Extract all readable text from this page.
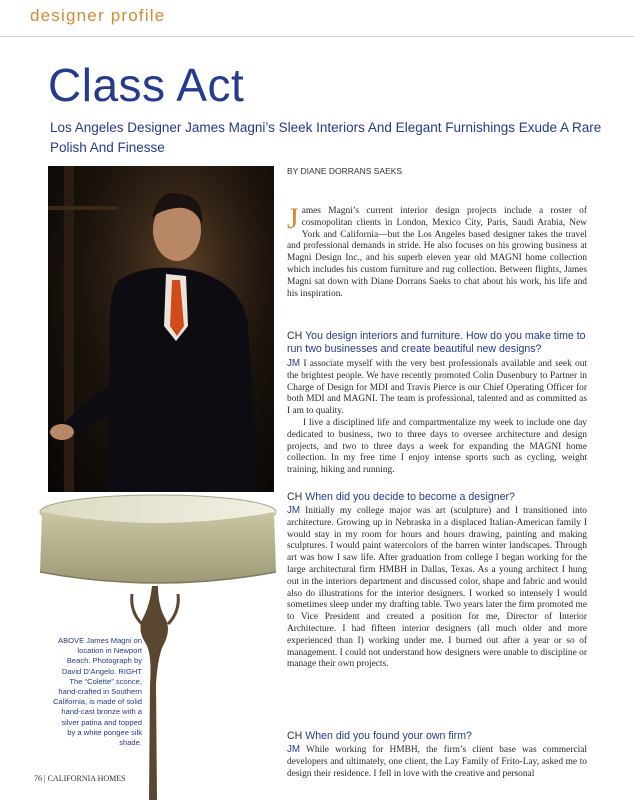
designer profile
Class Act
Los Angeles Designer James Magni’s Sleek Interiors And Elegant Furnishings Exude A Rare Polish And Finesse
BY DIANE DORRANS SAEKS
ABOVE James Magni on location in Newport Beach. Photograph by David D’Angelo. RIGHT The “Colette” sconce, hand-crafted in Southern California, is made of solid hand-cast bronze with a silver patina and topped by a white pongee silk shade.
James Magni’s current interior design projects include a roster of cosmopolitan clients in London, Mexico City, Paris, Saudi Arabia, New York and California—but the Los Angeles based designer takes the travel and professional demands in stride. He also focuses on his growing business at Magni Design Inc., and his superb eleven year old MAGNI home collection which includes his custom furniture and rug collection. Between flights, James Magni sat down with Diane Dorrans Saeks to chat about his work, his life and his inspiration.
CH You design interiors and furniture. How do you make time to run two businesses and create beautiful new designs?

JM I associate myself with the very best professionals available and seek out the brightest people. We have recently promoted Colin Dusenbury to Partner in Charge of Design for MDI and Travis Pierce is our Chief Operating Officer for both MDI and MAGNI. The team is professional, talented and as committed as I am to quality.

I live a disciplined life and compartmentalize my week to include one day dedicated to business, two to three days to oversee architecture and design projects, and two to three days a week for expanding the MAGNI home collection. In my free time I enjoy intense sports such as cycling, weight training, hiking and running.

CH When did you decide to become a designer?

JM Initially my college major was art (sculpture) and I transitioned into architecture. Growing up in Nebraska in a displaced Italian-American family I would stay in my room for hours and hours drawing, painting and making sculptures. I would paint watercolors of the barren winter landscapes. Through art was how I saw life. After graduation from college I began working for the large architectural firm HMBH in Dallas, Texas. As a young architect I hung out in the interiors department and discussed color, shape and fabric and would also do illustrations for the interior designers. I worked so intensely I would sometimes sleep under my drafting table. Two years later the firm promoted me to Vice President and created a position for me, Director of Interior Architecture. I had fifteen interior designers (all much older and more experienced than I) working under me. I burned out after a year or so of management. I could not understand how designers were unable to discipline or manage their own projects.

CH When did you found your own firm?

JM While working for HMBH, the firm’s client base was commercial developers and ultimately, one client, the Lay Family of Frito-Lay, asked me to design their residence. I fell in love with the creative and personal

76 | CALIFORNIA HOMES
